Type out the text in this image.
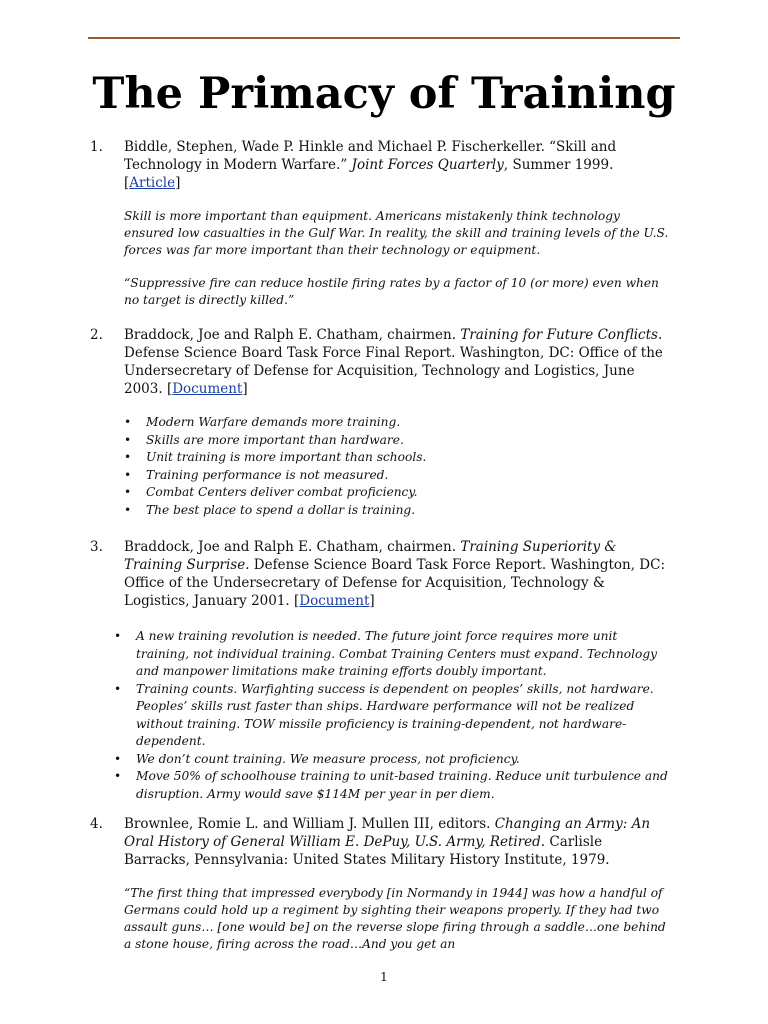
The Primacy of Training
1. Biddle, Stephen, Wade P. Hinkle and Michael P. Fischerkeller. “Skill and Technology in Modern Warfare.” Joint Forces Quarterly, Summer 1999. [Article]
Skill is more important than equipment. Americans mistakenly think technology ensured low casualties in the Gulf War. In reality, the skill and training levels of the U.S. forces was far more important than their technology or equipment.
“Suppressive fire can reduce hostile firing rates by a factor of 10 (or more) even when no target is directly killed.”
2. Braddock, Joe and Ralph E. Chatham, chairmen. Training for Future Conflicts. Defense Science Board Task Force Final Report. Washington, DC: Office of the Undersecretary of Defense for Acquisition, Technology and Logistics, June 2003. [Document]
• Modern Warfare demands more training.
• Skills are more important than hardware.
• Unit training is more important than schools.
• Training performance is not measured.
• Combat Centers deliver combat proficiency.
• The best place to spend a dollar is training.
3. Braddock, Joe and Ralph E. Chatham, chairmen. Training Superiority & Training Surprise. Defense Science Board Task Force Report. Washington, DC: Office of the Undersecretary of Defense for Acquisition, Technology & Logistics, January 2001. [Document]
• A new training revolution is needed. The future joint force requires more unit training, not individual training. Combat Training Centers must expand. Technology and manpower limitations make training efforts doubly important.
• Training counts. Warfighting success is dependent on peoples’ skills, not hardware. Peoples’ skills rust faster than ships. Hardware performance will not be realized without training. TOW missile proficiency is training-dependent, not hardware-dependent.
• We don’t count training. We measure process, not proficiency.
• Move 50% of schoolhouse training to unit-based training. Reduce unit turbulence and disruption. Army would save $114M per year in per diem.
4. Brownlee, Romie L. and William J. Mullen III, editors. Changing an Army: An Oral History of General William E. DePuy, U.S. Army, Retired. Carlisle Barracks, Pennsylvania: United States Military History Institute, 1979.
“The first thing that impressed everybody [in Normandy in 1944] was how a handful of Germans could hold up a regiment by sighting their weapons properly. If they had two assault guns… [one would be] on the reverse slope firing through a saddle…one behind a stone house, firing across the road…And you get an
1
